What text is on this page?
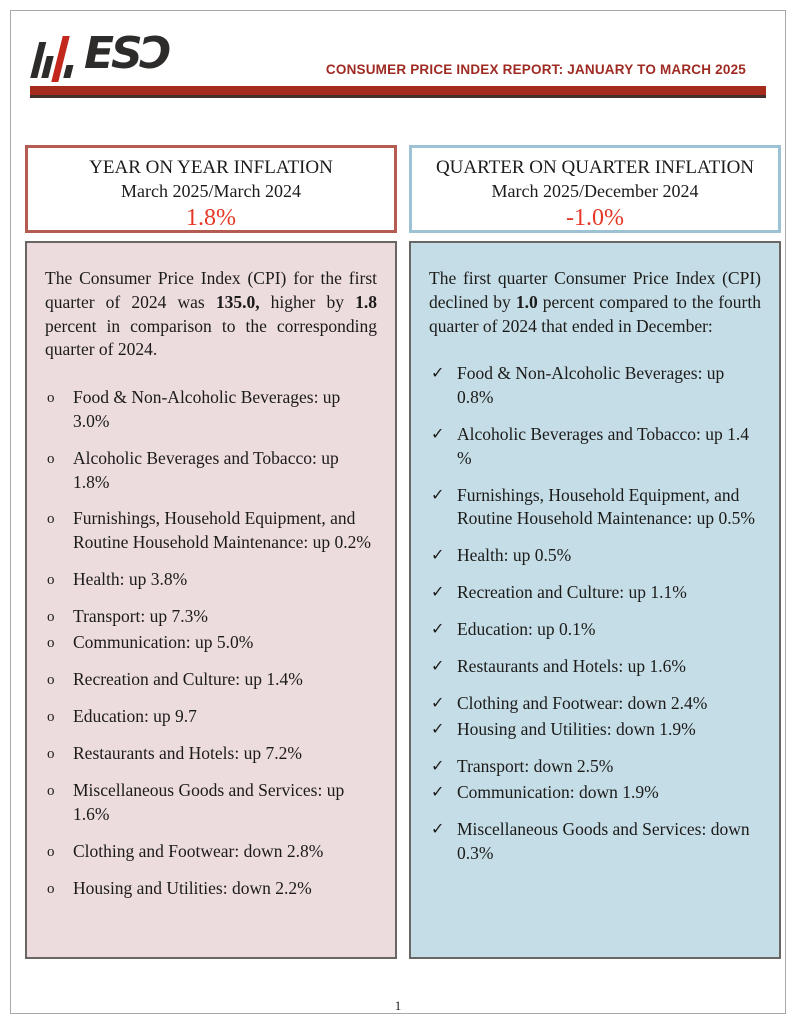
ESƆ	CONSUMER PRICE INDEX REPORT: JANUARY TO MARCH 2025
YEAR ON YEAR INFLATION
March 2025/March 2024
1.8%

The Consumer Price Index (CPI) for the first quarter of 2024 was 135.0, higher by 1.8 percent in comparison to the corresponding quarter of 2024.

o	Food & Non-Alcoholic Beverages: up 3.0%
o	Alcoholic Beverages and Tobacco: up 1.8%
o	Furnishings, Household Equipment, and Routine Household Maintenance: up 0.2%
o	Health: up 3.8%
o	Transport: up 7.3%
o	Communication: up 5.0%
o	Recreation and Culture: up 1.4%
o	Education: up 9.7
o	Restaurants and Hotels: up 7.2%
o	Miscellaneous Goods and Services: up 1.6%
o	Clothing and Footwear: down 2.8%
o	Housing and Utilities: down 2.2%
QUARTER ON QUARTER INFLATION
March 2025/December 2024
-1.0%

The first quarter Consumer Price Index (CPI) declined by 1.0 percent compared to the fourth quarter of 2024 that ended in December:

✓ Food & Non-Alcoholic Beverages: up 0.8%
✓ Alcoholic Beverages and Tobacco: up 1.4 %
✓ Furnishings, Household Equipment, and Routine Household Maintenance: up 0.5%
✓ Health: up 0.5%
✓ Recreation and Culture: up 1.1%
✓ Education: up 0.1%
✓ Restaurants and Hotels: up 1.6%
✓ Clothing and Footwear: down 2.4%
✓ Housing and Utilities: down 1.9%
✓ Transport: down 2.5%
✓ Communication: down 1.9%
✓ Miscellaneous Goods and Services: down 0.3%
1
